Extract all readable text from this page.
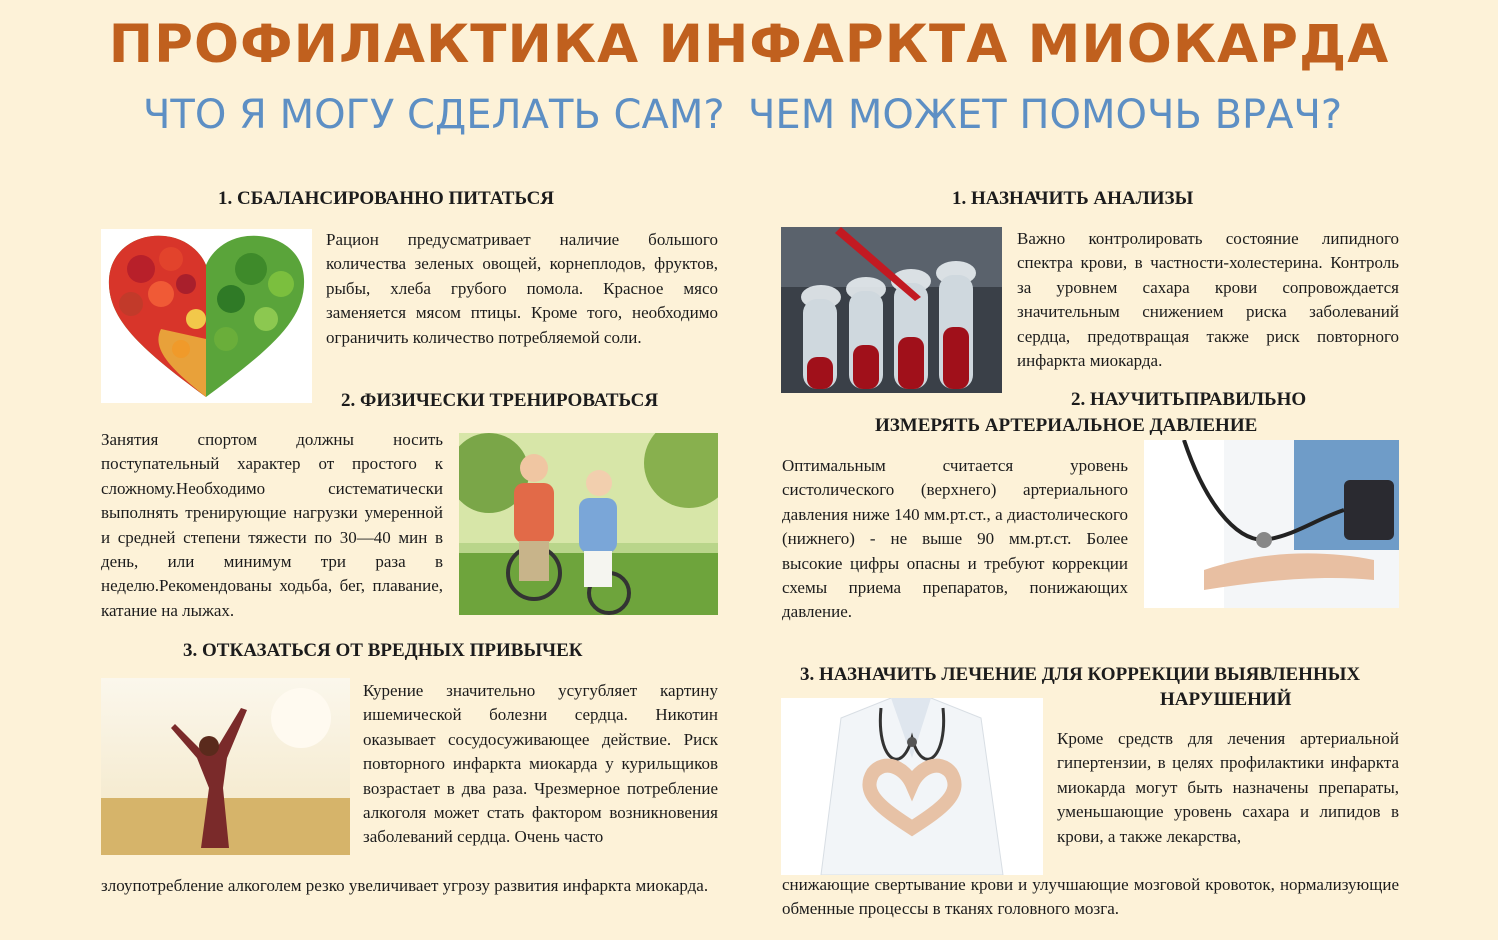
ПРОФИЛАКТИКА ИНФАРКТА МИОКАРДА
ЧТО Я МОГУ СДЕЛАТЬ САМ? ЧЕМ МОЖЕТ ПОМОЧЬ ВРАЧ?
1. СБАЛАНСИРОВАННО ПИТАТЬСЯ
Рацион предусматривает наличие большого количества зеленых овощей, корнеплодов, фруктов, рыбы, хлеба грубого помола. Красное мясо заменяется мясом птицы. Кроме того, необходимо ограничить количество потребляемой соли.
2. ФИЗИЧЕСКИ ТРЕНИРОВАТЬСЯ
Занятия спортом должны носить поступательный характер от простого к сложному.Необходимо систематически выполнять тренирующие нагрузки умеренной и средней степени тяжести по 30—40 мин в день, или минимум три раза в неделю.Рекомендованы ходьба, бег, плавание, катание на лыжах.
3. ОТКАЗАТЬСЯ ОТ ВРЕДНЫХ ПРИВЫЧЕК
Курение значительно усугубляет картину ишемической болезни сердца. Никотин оказывает сосудосуживающее действие. Риск повторного инфаркта миокарда у курильщиков возрастает в два раза. Чрезмерное потребление алкоголя может стать фактором возникновения заболеваний сердца. Очень часто
злоупотребление алкоголем резко увеличивает угрозу развития инфаркта миокарда.
1. НАЗНАЧИТЬ АНАЛИЗЫ
Важно контролировать состояние липидного спектра крови, в частности-холестерина. Контроль за уровнем сахара крови сопровождается значительным снижением риска заболеваний сердца, предотвращая также риск повторного инфаркта миокарда.
2. НАУЧИТЬПРАВИЛЬНО
ИЗМЕРЯТЬ АРТЕРИАЛЬНОЕ ДАВЛЕНИЕ
Оптимальным считается уровень систолического (верхнего) артериального давления ниже 140 мм.рт.ст., а диастолического (нижнего) - не выше 90 мм.рт.ст. Более высокие цифры опасны и требуют коррекции схемы приема препаратов, понижающих давление.
3. НАЗНАЧИТЬ ЛЕЧЕНИЕ ДЛЯ КОРРЕКЦИИ ВЫЯВЛЕННЫХ
НАРУШЕНИЙ
Кроме средств для лечения артериальной гипертензии, в целях профилактики инфаркта миокарда могут быть назначены препараты, уменьшающие уровень сахара и липидов в крови, а также лекарства,
снижающие свертывание крови и улучшающие мозговой кровоток, нормализующие обменные процессы в тканях головного мозга.
